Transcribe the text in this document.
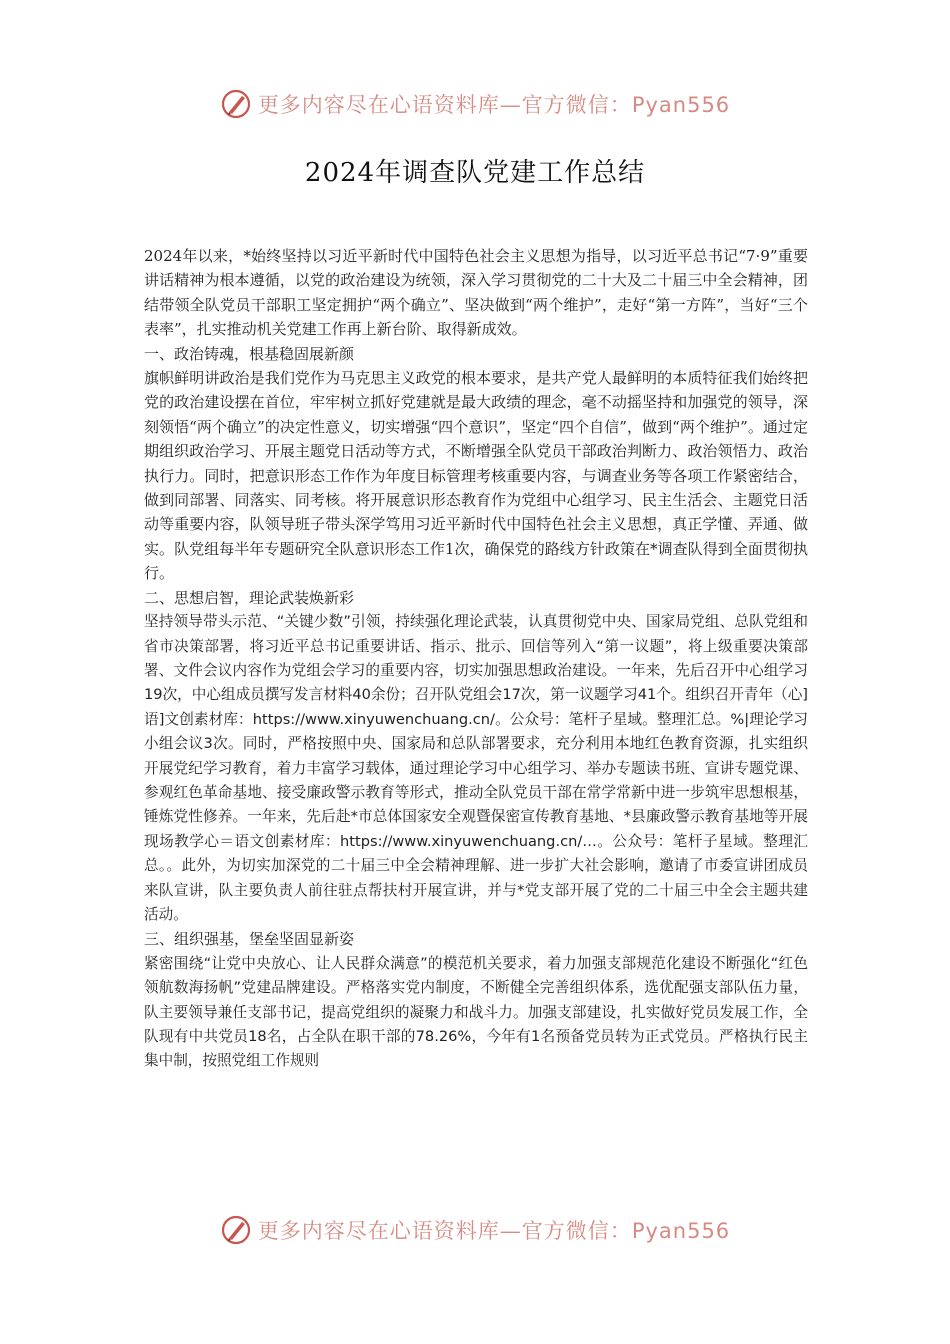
更多内容尽在心语资料库—官方微信：Pyan556
2024年调查队党建工作总结

2024年以来，*始终坚持以习近平新时代中国特色社会主义思想为指导，以习近平总书记“7·9”重要讲话精神为根本遵循，以党的政治建设为统领，深入学习贯彻党的二十大及二十届三中全会精神，团结带领全队党员干部职工坚定拥护“两个确立”、坚决做到“两个维护”，走好“第一方阵”，当好“三个表率”，扎实推动机关党建工作再上新台阶、取得新成效。

一、政治铸魂，根基稳固展新颜

旗帜鲜明讲政治是我们党作为马克思主义政党的根本要求，是共产党人最鲜明的本质特征我们始终把党的政治建设摆在首位，牢牢树立抓好党建就是最大政绩的理念，毫不动摇坚持和加强党的领导，深刻领悟“两个确立”的决定性意义，切实增强“四个意识”，坚定“四个自信”，做到“两个维护”。通过定期组织政治学习、开展主题党日活动等方式，不断增强全队党员干部政治判断力、政治领悟力、政治执行力。同时，把意识形态工作作为年度目标管理考核重要内容，与调查业务等各项工作紧密结合，做到同部署、同落实、同考核。将开展意识形态教育作为党组中心组学习、民主生活会、主题党日活动等重要内容，队领导班子带头深学笃用习近平新时代中国特色社会主义思想，真正学懂、弄通、做实。队党组每半年专题研究全队意识形态工作1次，确保党的路线方针政策在*调查队得到全面贯彻执行。

二、思想启智，理论武装焕新彩

坚持领导带头示范、“关键少数”引领，持续强化理论武装，认真贯彻党中央、国家局党组、总队党组和省市决策部署，将习近平总书记重要讲话、指示、批示、回信等列入“第一议题”，将上级重要决策部署、文件会议内容作为党组会学习的重要内容，切实加强思想政治建设。一年来，先后召开中心组学习19次，中心组成员撰写发言材料40余份；召开队党组会17次，第一议题学习41个。组织召开青年（心]语]文创素材库：https://www.xinyuwenchuang.cn/。公众号：笔杆子星域。整理汇总。%|理论学习小组会议3次。同时，严格按照中央、国家局和总队部署要求，充分利用本地红色教育资源，扎实组织开展党纪学习教育，着力丰富学习载体，通过理论学习中心组学习、举办专题读书班、宣讲专题党课、参观红色革命基地、接受廉政警示教育等形式，推动全队党员干部在常学常新中进一步筑牢思想根基，锤炼党性修养。一年来，先后赴*市总体国家安全观暨保密宣传教育基地、*县廉政警示教育基地等开展现场教学心＝语文创素材库：https://www.xinyuwenchuang.cn/…。公众号：笔杆子星域。整理汇总。。此外，为切实加深党的二十届三中全会精神理解、进一步扩大社会影响，邀请了市委宣讲团成员来队宣讲，队主要负责人前往驻点帮扶村开展宣讲，并与*党支部开展了党的二十届三中全会主题共建活动。

三、组织强基，堡垒坚固显新姿

紧密围绕“让党中央放心、让人民群众满意”的模范机关要求，着力加强支部规范化建设不断强化“红色领航数海扬帆”党建品牌建设。严格落实党内制度，不断健全完善组织体系，选优配强支部队伍力量，队主要领导兼任支部书记，提高党组织的凝聚力和战斗力。加强支部建设，扎实做好党员发展工作，全队现有中共党员18名，占全队在职干部的78.26%，今年有1名预备党员转为正式党员。严格执行民主集中制，按照党组工作规则

更多内容尽在心语资料库—官方微信：Pyan556
